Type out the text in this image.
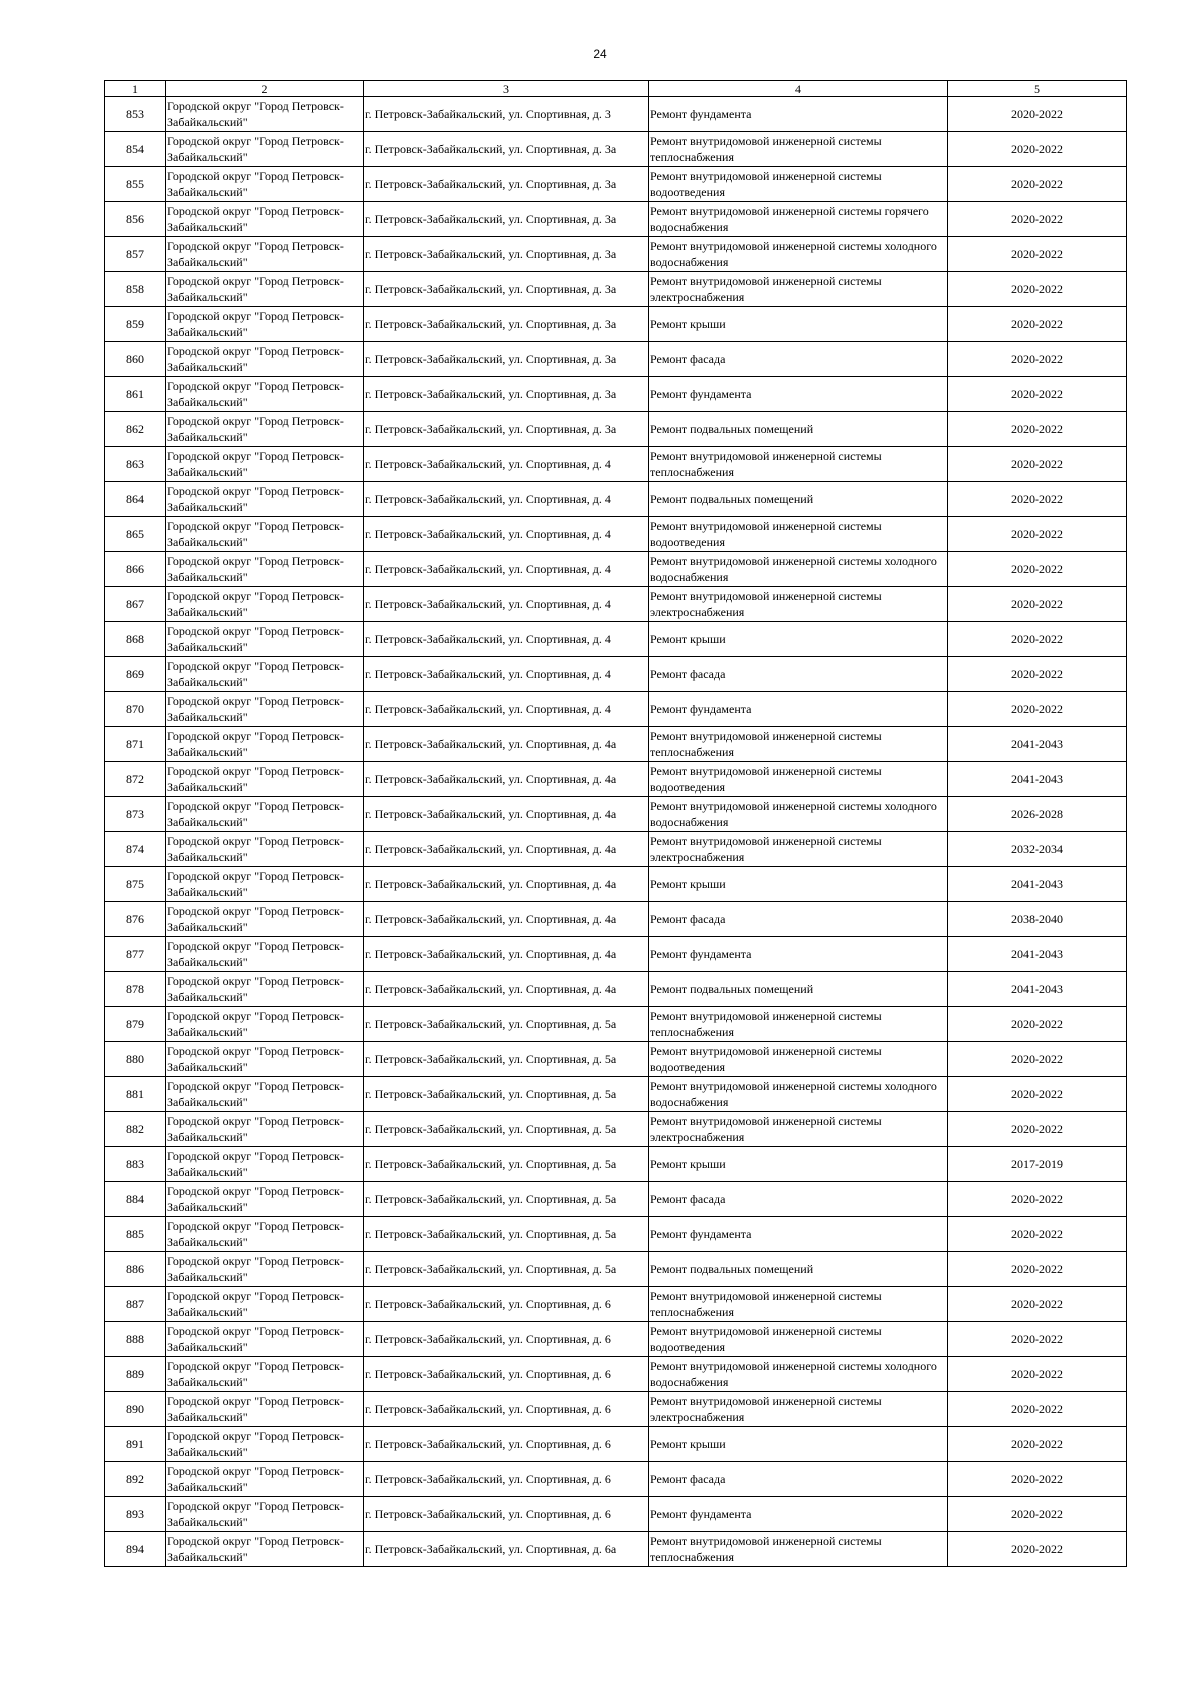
24
1	2	3	4	5
853	Городской округ "Город Петровск-Забайкальский"	г. Петровск-Забайкальский, ул. Спортивная, д. 3	Ремонт фундамента	2020-2022
854	Городской округ "Город Петровск-Забайкальский"	г. Петровск-Забайкальский, ул. Спортивная, д. 3а	Ремонт внутридомовой инженерной системы теплоснабжения	2020-2022
855	Городской округ "Город Петровск-Забайкальский"	г. Петровск-Забайкальский, ул. Спортивная, д. 3а	Ремонт внутридомовой инженерной системы водоотведения	2020-2022
856	Городской округ "Город Петровск-Забайкальский"	г. Петровск-Забайкальский, ул. Спортивная, д. 3а	Ремонт внутридомовой инженерной системы горячего водоснабжения	2020-2022
857	Городской округ "Город Петровск-Забайкальский"	г. Петровск-Забайкальский, ул. Спортивная, д. 3а	Ремонт внутридомовой инженерной системы холодного водоснабжения	2020-2022
858	Городской округ "Город Петровск-Забайкальский"	г. Петровск-Забайкальский, ул. Спортивная, д. 3а	Ремонт внутридомовой инженерной системы электроснабжения	2020-2022
859	Городской округ "Город Петровск-Забайкальский"	г. Петровск-Забайкальский, ул. Спортивная, д. 3а	Ремонт крыши	2020-2022
860	Городской округ "Город Петровск-Забайкальский"	г. Петровск-Забайкальский, ул. Спортивная, д. 3а	Ремонт фасада	2020-2022
861	Городской округ "Город Петровск-Забайкальский"	г. Петровск-Забайкальский, ул. Спортивная, д. 3а	Ремонт фундамента	2020-2022
862	Городской округ "Город Петровск-Забайкальский"	г. Петровск-Забайкальский, ул. Спортивная, д. 3а	Ремонт подвальных помещений	2020-2022
863	Городской округ "Город Петровск-Забайкальский"	г. Петровск-Забайкальский, ул. Спортивная, д. 4	Ремонт внутридомовой инженерной системы теплоснабжения	2020-2022
864	Городской округ "Город Петровск-Забайкальский"	г. Петровск-Забайкальский, ул. Спортивная, д. 4	Ремонт подвальных помещений	2020-2022
865	Городской округ "Город Петровск-Забайкальский"	г. Петровск-Забайкальский, ул. Спортивная, д. 4	Ремонт внутридомовой инженерной системы водоотведения	2020-2022
866	Городской округ "Город Петровск-Забайкальский"	г. Петровск-Забайкальский, ул. Спортивная, д. 4	Ремонт внутридомовой инженерной системы холодного водоснабжения	2020-2022
867	Городской округ "Город Петровск-Забайкальский"	г. Петровск-Забайкальский, ул. Спортивная, д. 4	Ремонт внутридомовой инженерной системы электроснабжения	2020-2022
868	Городской округ "Город Петровск-Забайкальский"	г. Петровск-Забайкальский, ул. Спортивная, д. 4	Ремонт крыши	2020-2022
869	Городской округ "Город Петровск-Забайкальский"	г. Петровск-Забайкальский, ул. Спортивная, д. 4	Ремонт фасада	2020-2022
870	Городской округ "Город Петровск-Забайкальский"	г. Петровск-Забайкальский, ул. Спортивная, д. 4	Ремонт фундамента	2020-2022
871	Городской округ "Город Петровск-Забайкальский"	г. Петровск-Забайкальский, ул. Спортивная, д. 4а	Ремонт внутридомовой инженерной системы теплоснабжения	2041-2043
872	Городской округ "Город Петровск-Забайкальский"	г. Петровск-Забайкальский, ул. Спортивная, д. 4а	Ремонт внутридомовой инженерной системы водоотведения	2041-2043
873	Городской округ "Город Петровск-Забайкальский"	г. Петровск-Забайкальский, ул. Спортивная, д. 4а	Ремонт внутридомовой инженерной системы холодного водоснабжения	2026-2028
874	Городской округ "Город Петровск-Забайкальский"	г. Петровск-Забайкальский, ул. Спортивная, д. 4а	Ремонт внутридомовой инженерной системы электроснабжения	2032-2034
875	Городской округ "Город Петровск-Забайкальский"	г. Петровск-Забайкальский, ул. Спортивная, д. 4а	Ремонт крыши	2041-2043
876	Городской округ "Город Петровск-Забайкальский"	г. Петровск-Забайкальский, ул. Спортивная, д. 4а	Ремонт фасада	2038-2040
877	Городской округ "Город Петровск-Забайкальский"	г. Петровск-Забайкальский, ул. Спортивная, д. 4а	Ремонт фундамента	2041-2043
878	Городской округ "Город Петровск-Забайкальский"	г. Петровск-Забайкальский, ул. Спортивная, д. 4а	Ремонт подвальных помещений	2041-2043
879	Городской округ "Город Петровск-Забайкальский"	г. Петровск-Забайкальский, ул. Спортивная, д. 5а	Ремонт внутридомовой инженерной системы теплоснабжения	2020-2022
880	Городской округ "Город Петровск-Забайкальский"	г. Петровск-Забайкальский, ул. Спортивная, д. 5а	Ремонт внутридомовой инженерной системы водоотведения	2020-2022
881	Городской округ "Город Петровск-Забайкальский"	г. Петровск-Забайкальский, ул. Спортивная, д. 5а	Ремонт внутридомовой инженерной системы холодного водоснабжения	2020-2022
882	Городской округ "Город Петровск-Забайкальский"	г. Петровск-Забайкальский, ул. Спортивная, д. 5а	Ремонт внутридомовой инженерной системы электроснабжения	2020-2022
883	Городской округ "Город Петровск-Забайкальский"	г. Петровск-Забайкальский, ул. Спортивная, д. 5а	Ремонт крыши	2017-2019
884	Городской округ "Город Петровск-Забайкальский"	г. Петровск-Забайкальский, ул. Спортивная, д. 5а	Ремонт фасада	2020-2022
885	Городской округ "Город Петровск-Забайкальский"	г. Петровск-Забайкальский, ул. Спортивная, д. 5а	Ремонт фундамента	2020-2022
886	Городской округ "Город Петровск-Забайкальский"	г. Петровск-Забайкальский, ул. Спортивная, д. 5а	Ремонт подвальных помещений	2020-2022
887	Городской округ "Город Петровск-Забайкальский"	г. Петровск-Забайкальский, ул. Спортивная, д. 6	Ремонт внутридомовой инженерной системы теплоснабжения	2020-2022
888	Городской округ "Город Петровск-Забайкальский"	г. Петровск-Забайкальский, ул. Спортивная, д. 6	Ремонт внутридомовой инженерной системы водоотведения	2020-2022
889	Городской округ "Город Петровск-Забайкальский"	г. Петровск-Забайкальский, ул. Спортивная, д. 6	Ремонт внутридомовой инженерной системы холодного водоснабжения	2020-2022
890	Городской округ "Город Петровск-Забайкальский"	г. Петровск-Забайкальский, ул. Спортивная, д. 6	Ремонт внутридомовой инженерной системы электроснабжения	2020-2022
891	Городской округ "Город Петровск-Забайкальский"	г. Петровск-Забайкальский, ул. Спортивная, д. 6	Ремонт крыши	2020-2022
892	Городской округ "Город Петровск-Забайкальский"	г. Петровск-Забайкальский, ул. Спортивная, д. 6	Ремонт фасада	2020-2022
893	Городской округ "Город Петровск-Забайкальский"	г. Петровск-Забайкальский, ул. Спортивная, д. 6	Ремонт фундамента	2020-2022
894	Городской округ "Город Петровск-Забайкальский"	г. Петровск-Забайкальский, ул. Спортивная, д. 6а	Ремонт внутридомовой инженерной системы теплоснабжения	2020-2022
